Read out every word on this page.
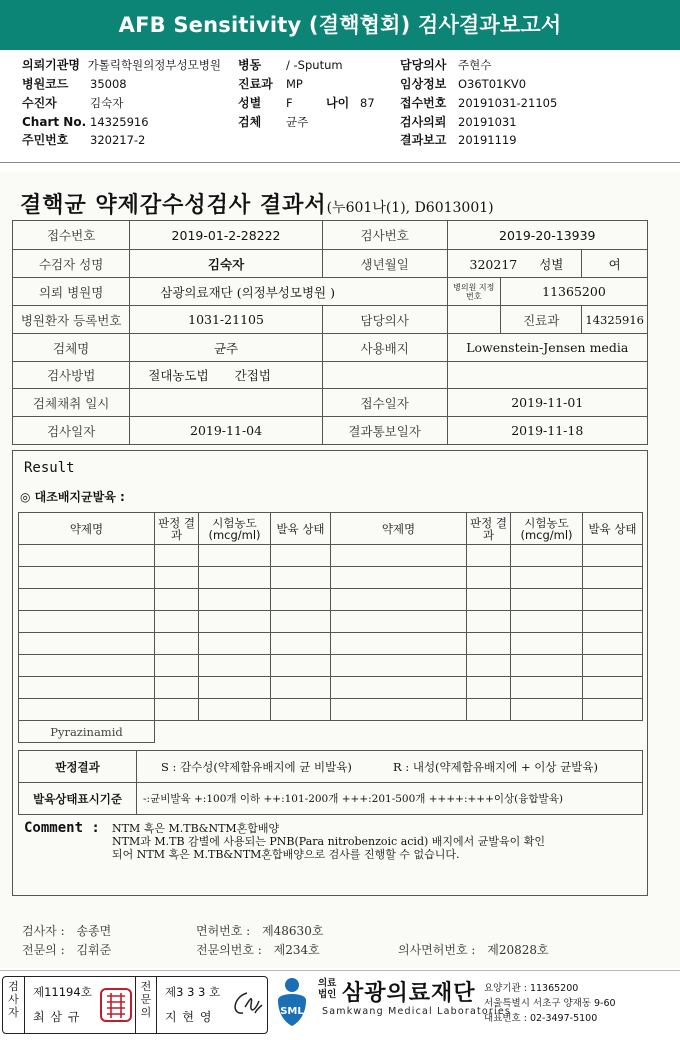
AFB Sensitivity (결핵협회) 검사결과보고서
의뢰기관명 가톨릭학원의정부성모병원
병원코드 35008
수진자	김숙자
Chart No. 14325916
주민번호 320217-2
병동 / -Sputum
진료과 MP
성별 F	나이 87
검체 균주
담당의사 주현수
임상정보 O36T01KV0
접수번호 20191031-21105
검사의뢰 20191031
결과보고 20191119
결핵균 약제감수성검사 결과서(누601나(1), D6013001)
접수번호	2019-01-2-28222	검사번호	2019-20-13939		
수검자 성명	김숙자	생년월일	320217 성별		여
의뢰 병원명	삼광의료재단 (의정부성모병원 )		병의원 지정번호	11365200	
병원환자 등록번호	1031-21105	담당의사		진료과	14325916
검체명	균주	사용배지	Lowenstein-Jensen media		
검사방법	절대농도법 간접법				
검체채취 일시		접수일자	2019-11-01		
검사일자	2019-11-04	결과통보일자	2019-11-18		
Result
◎ 대조배지균발육 :
약제명	판정 결과	시험농도 (mcg/ml)	발육 상태	약제명	판정 결과	시험농도 (mcg/ml)	발육 상태

Pyrazinamid							
판정결과	S : 감수성(약제함유배지에 균 비발육) R : 내성(약제함유배지에 + 이상 균발육)
발육상태표시기준	-:균비발육 +:100개 이하 ++:101-200개 +++:201-500개 ++++:+++이상(융합발육)
Comment :	NTM 혹은 M.TB&NTM혼합배양
NTM과 M.TB 감별에 사용되는 PNB(Para nitrobenzoic acid) 배지에서 균발육이 확인
되어 NTM 혹은 M.TB&NTM혼합배양으로 검사를 진행할 수 없습니다.
검사자 : 송종면	면허번호 : 제48630호
전문의 : 김휘준	전문의번호 : 제234호	의사면허번호 : 제20828호
검사자
제11194호
최 삼 규
전문의
제3 3 3 호
지 현 영	SML
의료 법인 삼광의료재단
Samkwang Medical Laboratories
요양기관 : 11365200
서울특별시 서초구 양재동 9-60
대표번호 : 02-3497-5100
